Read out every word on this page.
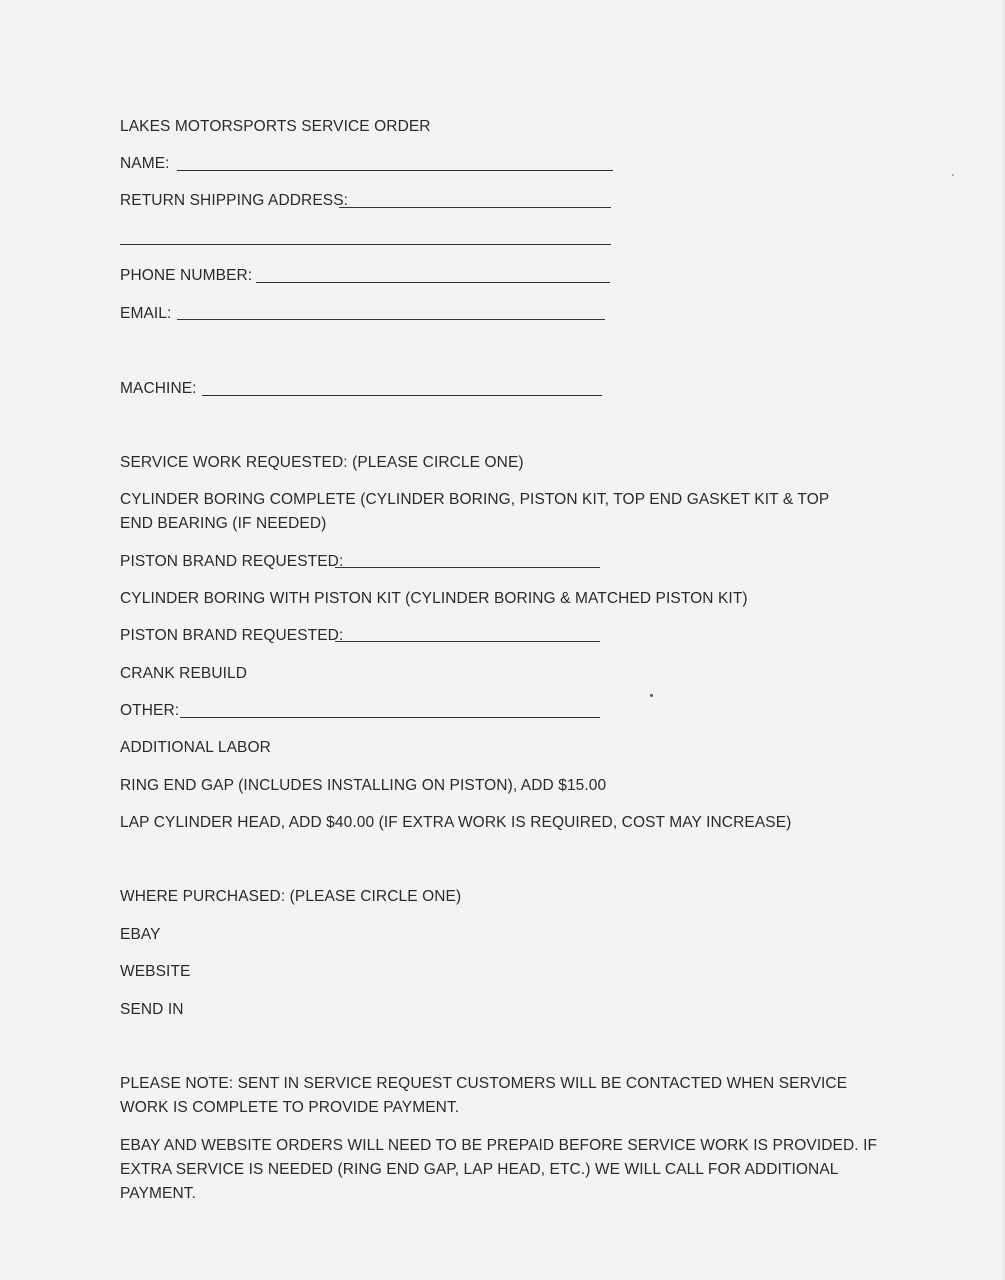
LAKES MOTORSPORTS SERVICE ORDER
NAME:
RETURN SHIPPING ADDRESS:
PHONE NUMBER:
EMAIL:
MACHINE:
SERVICE WORK REQUESTED: (PLEASE CIRCLE ONE)
CYLINDER BORING COMPLETE (CYLINDER BORING, PISTON KIT, TOP END GASKET KIT & TOP END BEARING (IF NEEDED)
PISTON BRAND REQUESTED:
CYLINDER BORING WITH PISTON KIT (CYLINDER BORING & MATCHED PISTON KIT)
PISTON BRAND REQUESTED:
CRANK REBUILD
OTHER:
ADDITIONAL LABOR
RING END GAP (INCLUDES INSTALLING ON PISTON), ADD $15.00
LAP CYLINDER HEAD, ADD $40.00 (IF EXTRA WORK IS REQUIRED, COST MAY INCREASE)
WHERE PURCHASED: (PLEASE CIRCLE ONE)
EBAY
WEBSITE
SEND IN
PLEASE NOTE: SENT IN SERVICE REQUEST CUSTOMERS WILL BE CONTACTED WHEN SERVICE WORK IS COMPLETE TO PROVIDE PAYMENT.
EBAY AND WEBSITE ORDERS WILL NEED TO BE PREPAID BEFORE SERVICE WORK IS PROVIDED. IF EXTRA SERVICE IS NEEDED (RING END GAP, LAP HEAD, ETC.) WE WILL CALL FOR ADDITIONAL PAYMENT.
